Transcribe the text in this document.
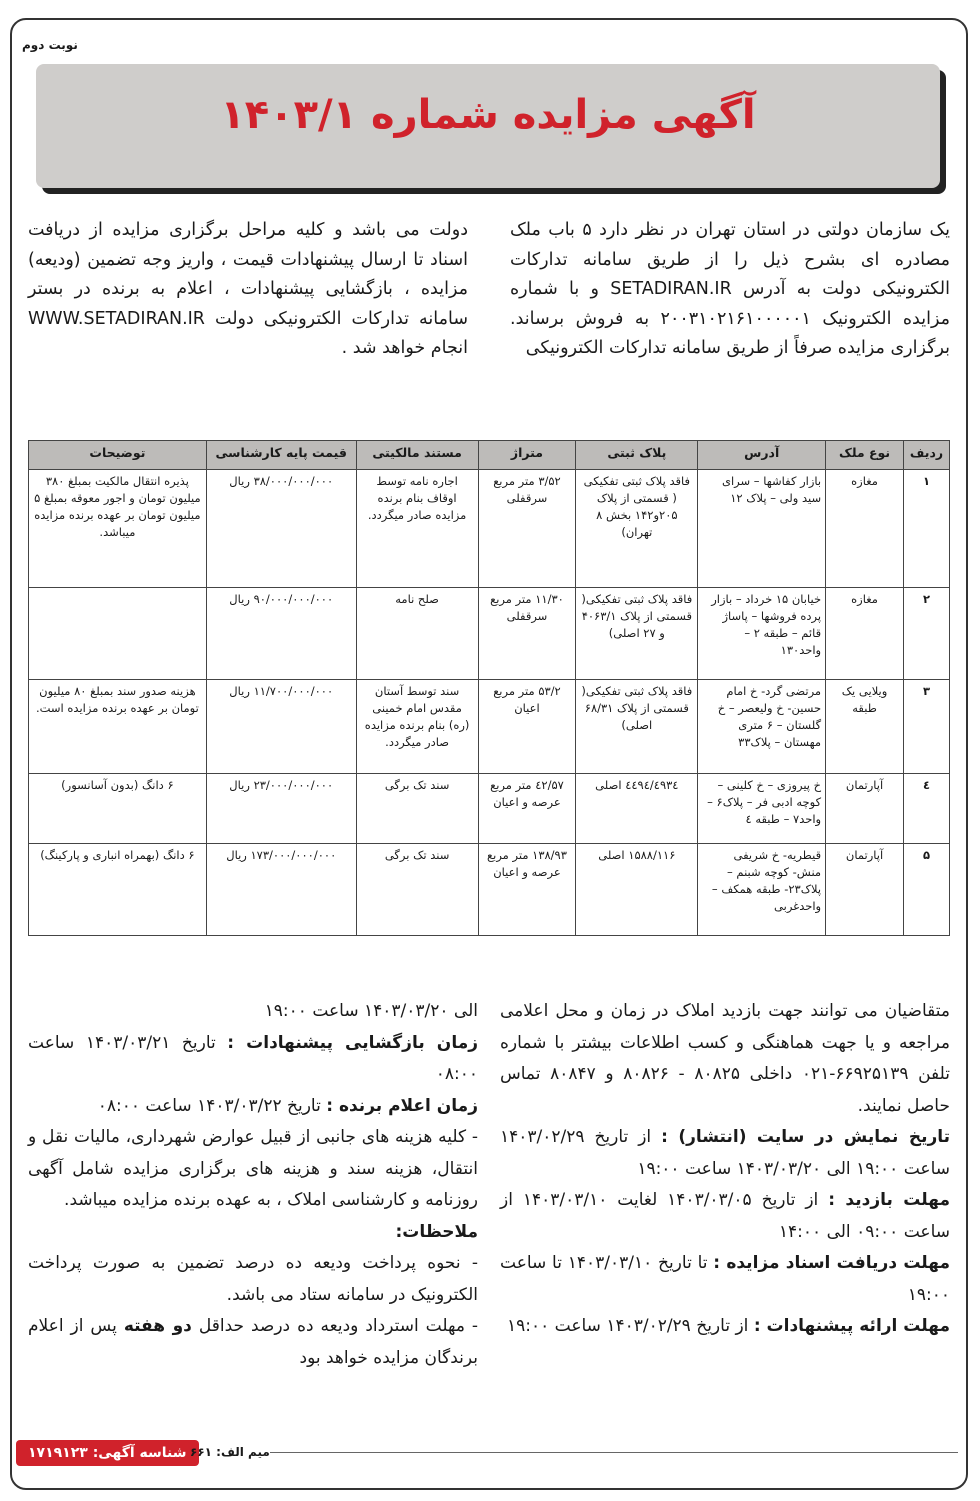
نوبت دوم
آگهی مزایده شماره ۱۴۰۳/۱
یک سازمان دولتی در استان تهران در نظر دارد ۵ باب ملک مصادره ای بشرح ذیل را از طریق سامانه تدارکات الکترونیکی دولت به آدرس SETADIRAN.IR و با شماره مزایده الکترونیک ۲۰۰۳۱۰۲۱۶۱۰۰۰۰۰۱ به فروش برساند. برگزاری مزایده صرفاً از طریق سامانه تدارکات الکترونیکی
دولت می باشد و کلیه مراحل برگزاری مزایده از دریافت اسناد تا ارسال پیشنهادات قیمت ، واریز وجه تضمین (ودیعه) مزایده ، بازگشایی پیشنهادات ، اعلام به برنده در بستر سامانه تدارکات الکترونیکی دولت WWW.SETADIRAN.IR انجام خواهد شد .
ردیف	نوع ملک	آدرس	پلاک ثبتی	متراژ	مستند مالکیتی	قیمت پایه کارشناسی	توضیحات
۱	مغازه	بازار کفاشها – سرای سید ولی – پلاک ۱۲	فاقد پلاک ثبتی تفکیکی ( قسمتی از پلاک ۲۰۵و۱۴۲ بخش ۸ تهران)	۳/۵۲ متر مربع سرقفلی	اجاره نامه توسط اوقاف بنام برنده مزایده صادر میگردد.	۳۸/۰۰۰/۰۰۰/۰۰۰ ریال	پذیره انتقال مالکیت بمبلغ ۳۸۰ میلیون تومان و اجور معوقه بمبلغ ۵ میلیون تومان بر عهده برنده مزایده میباشد.
۲	مغازه	خیابان ۱۵ خرداد – بازار پرده فروشها – پاساژ قائم – طبقه ۲ – واحد۱۳۰	فاقد پلاک ثبتی تفکیکی( قسمتی از پلاک ۴۰۶۳/۱ و ۲۷ اصلی)	۱۱/۳۰ متر مربع سرقفلی	صلح نامه	۹۰/۰۰۰/۰۰۰/۰۰۰ ریال	
۳	ویلایی یک طبقه	مرتضی گرد- خ امام حسین- خ ولیعصر – خ گلستان – ۶ متری مهستان – پلاک۳۳	فاقد پلاک ثبتی تفکیکی( قسمتی از پلاک ۶۸/۳۱ اصلی)	۵۳/۲ متر مربع اعیان	سند توسط آستان مقدس امام خمینی (ره) بنام برنده مزایده صادر میگردد.	۱۱/۷۰۰/۰۰۰/۰۰۰ ریال	هزینه صدور سند بمبلغ ۸۰ میلیون تومان بر عهده برنده مزایده است.
٤	آپارتمان	خ پیروزی – خ کلینی – کوچه ادبی فر – پلاک۶ – واحد۷ – طبقه ٤	٤٤٩٤/٤٩٣٤ اصلی	۵۷/٤۲ متر مربع عرصه و اعیان	سند تک برگی	۲۳/۰۰۰/۰۰۰/۰۰۰ ریال	۶ دانگ (بدون آسانسور)
۵	آپارتمان	قیطریه- خ شریفی منش- کوچه شبنم – پلاک۲۳- طبقه همکف – واحدغربی	۱۵۸۸/۱۱۶ اصلی	۱۳۸/۹۳ متر مربع عرصه و اعیان	سند تک برگی	۱۷۳/۰۰۰/۰۰۰/۰۰۰ ریال	۶ دانگ (بهمراه انباری و پارکینگ)

متقاضیان می توانند جهت بازدید املاک در زمان و محل اعلامی مراجعه و یا جهت هماهنگی و کسب اطلاعات بیشتر با شماره تلفن ۶۶۹۲۵۱۳۹-۰۲۱ داخلی ۸۰۸۲۵ - ۸۰۸۲۶ و ۸۰۸۴۷ تماس حاصل نمایند.

تاریخ نمایش در سایت (انتشار) : از تاریخ ۱۴۰۳/۰۲/۲۹ ساعت ۱۹:۰۰ الی ۱۴۰۳/۰۳/۲۰ ساعت ۱۹:۰۰

مهلت بازدید : از تاریخ ۱۴۰۳/۰۳/۰۵ لغایت ۱۴۰۳/۰۳/۱۰ از ساعت ۰۹:۰۰ الی ۱۴:۰۰

مهلت دریافت اسناد مزایده : تا تاریخ ۱۴۰۳/۰۳/۱۰ تا ساعت ۱۹:۰۰

مهلت ارائه پیشنهادات : از تاریخ ۱۴۰۳/۰۲/۲۹ ساعت ۱۹:۰۰

الی ۱۴۰۳/۰۳/۲۰ ساعت ۱۹:۰۰

زمان بازگشایی پیشنهادات : تاریخ ۱۴۰۳/۰۳/۲۱ ساعت ۰۸:۰۰

زمان اعلام برنده : تاریخ ۱۴۰۳/۰۳/۲۲ ساعت ۰۸:۰۰

- کلیه هزینه های جانبی از قبیل عوارض شهرداری، مالیات نقل و انتقال، هزینه سند و هزینه های برگزاری مزایده شامل آگهی روزنامه و کارشناسی املاک ، به عهده برنده مزایده میباشد.

ملاحظات:

- نحوه پرداخت ودیعه ده درصد تضمین به صورت پرداخت الکترونیک در سامانه ستاد می باشد.

- مهلت استرداد ودیعه ده درصد حداقل دو هفته پس از اعلام برندگان مزایده خواهد بود

شناسه آگهی: ۱۷۱۹۱۲۳ میم الف: ۶۶۱
